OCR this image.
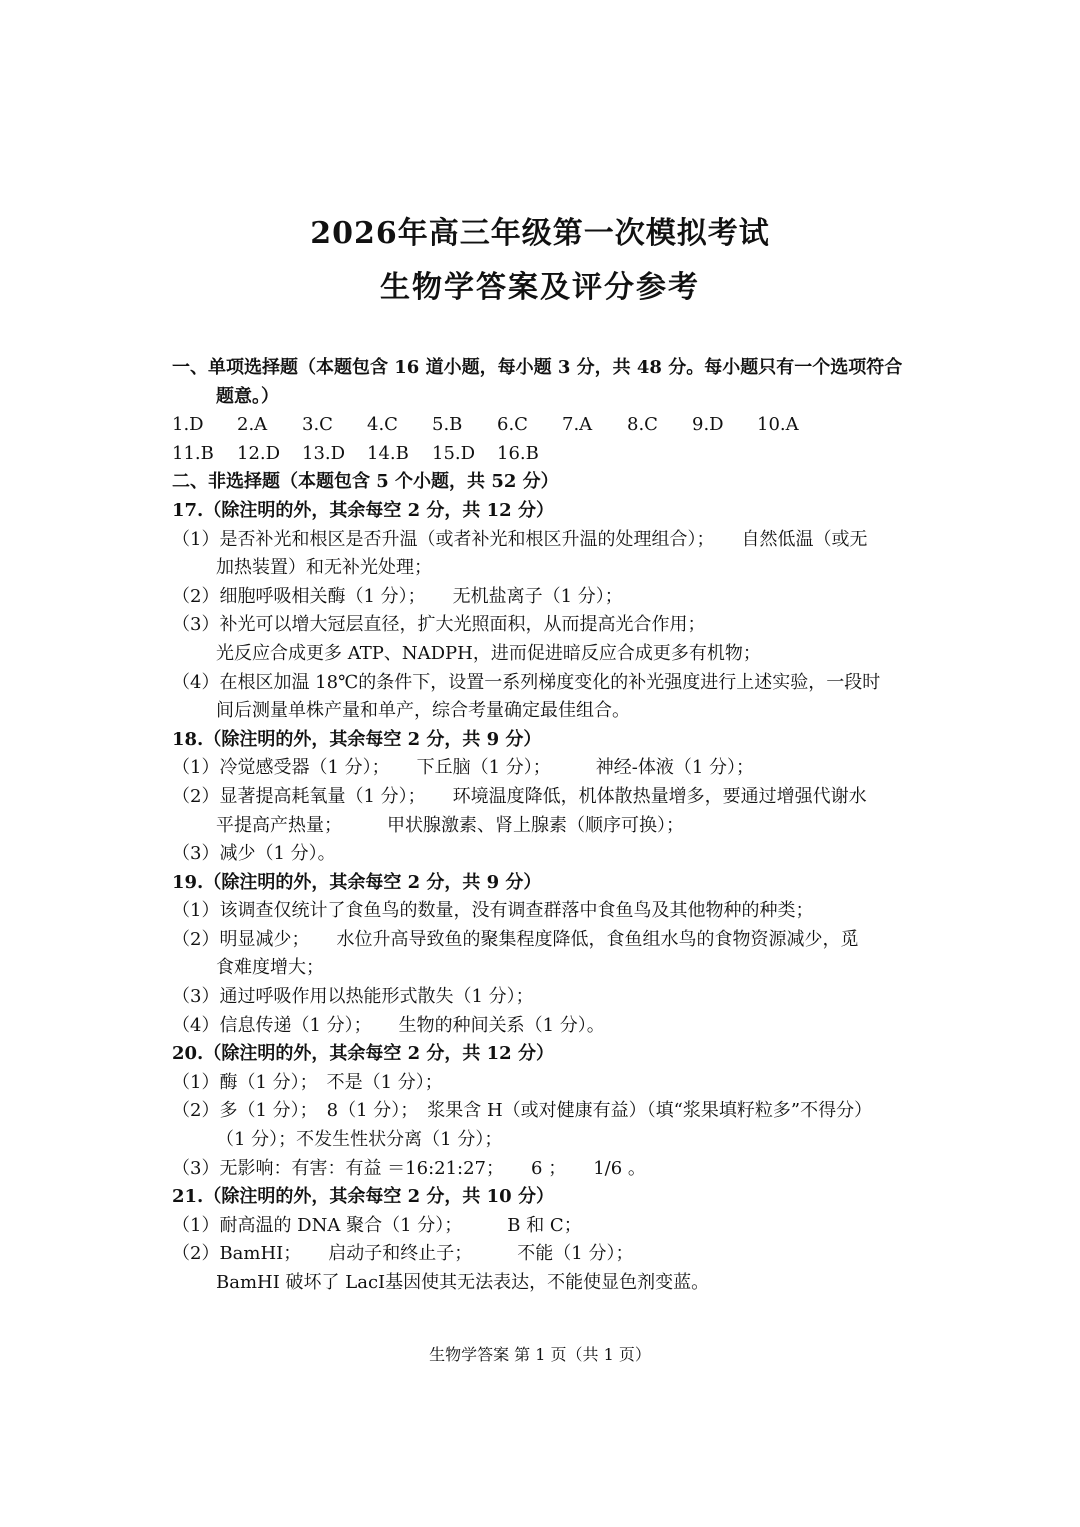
2026年高三年级第一次模拟考试
生物学答案及评分参考
一、单项选择题（本题包含 16 道小题，每小题 3 分，共 48 分。每小题只有一个选项符合
题意。）
1.D 2.A 3.C 4.C 5.B 6.C 7.A 8.C 9.D 10.A
11.B 12.D 13.D 14.B 15.D 16.B
二、非选择题（本题包含 5 个小题，共 52 分）
17.（除注明的外，其余每空 2 分，共 12 分）
（1）是否补光和根区是否升温（或者补光和根区升温的处理组合）；　　自然低温（或无
加热装置）和无补光处理；
（2）细胞呼吸相关酶（1 分）；　　无机盐离子（1 分）；
（3）补光可以增大冠层直径，扩大光照面积，从而提高光合作用；
光反应合成更多 ATP、NADPH，进而促进暗反应合成更多有机物；
（4）在根区加温 18℃的条件下，设置一系列梯度变化的补光强度进行上述实验，一段时
间后测量单株产量和单产，综合考量确定最佳组合。
18.（除注明的外，其余每空 2 分，共 9 分）
（1）冷觉感受器（1 分）；　　下丘脑（1 分）；　　　神经-体液（1 分）；
（2）显著提高耗氧量（1 分）；　　环境温度降低，机体散热量增多，要通过增强代谢水
平提高产热量；　　　甲状腺激素、肾上腺素（顺序可换）；
（3）减少（1 分）。
19.（除注明的外，其余每空 2 分，共 9 分）
（1）该调查仅统计了食鱼鸟的数量，没有调查群落中食鱼鸟及其他物种的种类；
（2）明显减少；　　水位升高导致鱼的聚集程度降低，食鱼组水鸟的食物资源减少，觅
食难度增大；
（3）通过呼吸作用以热能形式散失（1 分）；
（4）信息传递（1 分）；　　生物的种间关系（1 分）。
20.（除注明的外，其余每空 2 分，共 12 分）
（1）酶（1 分）；　不是（1 分）；
（2）多（1 分）；　8（1 分）；　浆果含 H（或对健康有益）（填“浆果填籽粒多”不得分）
（1 分）；不发生性状分离（1 分）；
（3）无影响：有害：有益 ＝16:21:27；　　6 ；　　1/6 。
21.（除注明的外，其余每空 2 分，共 10 分）
（1）耐高温的 DNA 聚合（1 分）；　　　B 和 C；
（2）BamHⅠ；　　启动子和终止子；　　　不能（1 分）；
BamHI 破坏了 LacⅠ基因使其无法表达，不能使显色剂变蓝。
生物学答案 第 1 页（共 1 页）
